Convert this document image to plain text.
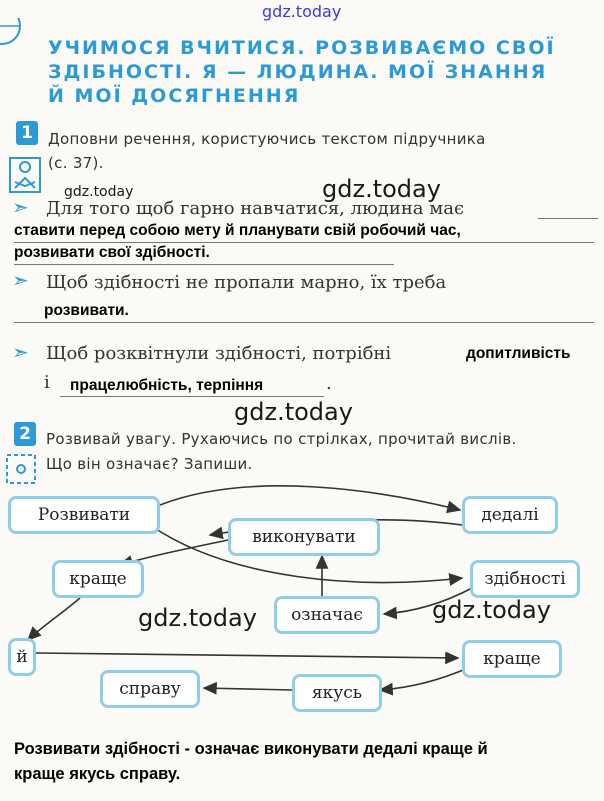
gdz.today
УЧИМОСЯ ВЧИТИСЯ. РОЗВИВАЄМО СВОЇ
ЗДІБНОСТІ. Я — ЛЮДИНА. МОЇ ЗНАННЯ
Й МОЇ ДОСЯГНЕННЯ
1	Доповни речення, користуючись текстом підручника
(с. 37).
gdz.today	gdz.today
➣ Для того щоб гарно навчатися, людина має
ставити перед собою мету й планувати свій робочий час,
розвивати свої здібності.
➣ Щоб здібності не пропали марно, їх треба
розвивати.
➣ Щоб розквітнули здібності, потрібні	допитливість
і працелюбність, терпіння	.
gdz.today
2	Розвивай увагу. Рухаючись по стрілках, прочитай вислів.
Що він означає? Запиши.
Розвивати
виконувати
дедалі
краще	здібності
означає
й	краще
справу	якусь
gdz.today	gdz.today
Розвивати здібності - означає виконувати дедалі краще й
краще якусь справу.
